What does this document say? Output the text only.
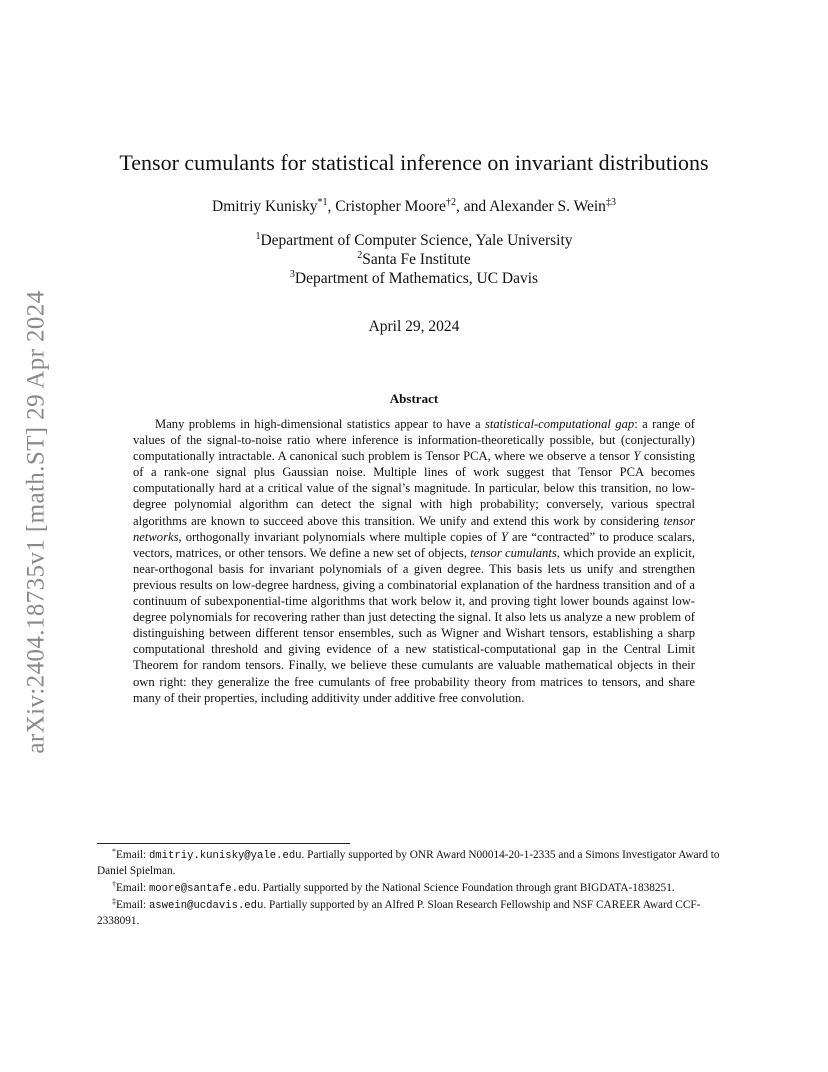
arXiv:2404.18735v1 [math.ST] 29 Apr 2024
Tensor cumulants for statistical inference on invariant distributions
Dmitriy Kunisky$^{*1}$, Cristopher Moore$^{\dagger 2}$, and Alexander S. Wein$^{\ddagger 3}$
$^1$Department of Computer Science, Yale University
$^2$Santa Fe Institute
$^3$Department of Mathematics, UC Davis
April 29, 2024
Abstract

Many problems in high-dimensional statistics appear to have a statistical-computational gap: a range of values of the signal-to-noise ratio where inference is information-theoretically possible, but (conjecturally) computationally intractable. A canonical such problem is Tensor PCA, where we observe a tensor Y consisting of a rank-one signal plus Gaussian noise. Multiple lines of work suggest that Tensor PCA becomes computationally hard at a critical value of the signal’s magnitude. In particular, below this transition, no low-degree polynomial algorithm can detect the signal with high probability; conversely, various spectral algorithms are known to succeed above this transition. We unify and extend this work by considering tensor networks, orthogonally invariant polynomials where multiple copies of Y are “contracted” to produce scalars, vectors, matrices, or other tensors. We define a new set of objects, tensor cumulants, which provide an explicit, near-orthogonal basis for invariant polynomials of a given degree. This basis lets us unify and strengthen previous results on low-degree hardness, giving a combinatorial explanation of the hardness transition and of a continuum of subexponential-time algorithms that work below it, and proving tight lower bounds against low-degree polynomials for recovering rather than just detecting the signal. It also lets us analyze a new problem of distinguishing between different tensor ensembles, such as Wigner and Wishart tensors, establishing a sharp computational threshold and giving evidence of a new statistical-computational gap in the Central Limit Theorem for random tensors. Finally, we believe these cumulants are valuable mathematical objects in their own right: they generalize the free cumulants of free probability theory from matrices to tensors, and share many of their properties, including additivity under additive free convolution.

*Email: dmitriy.kunisky@yale.edu. Partially supported by ONR Award N00014-20-1-2335 and a Simons Investigator Award to Daniel Spielman.

†Email: moore@santafe.edu. Partially supported by the National Science Foundation through grant BIGDATA-1838251.

‡Email: aswein@ucdavis.edu. Partially supported by an Alfred P. Sloan Research Fellowship and NSF CAREER Award CCF-2338091.
